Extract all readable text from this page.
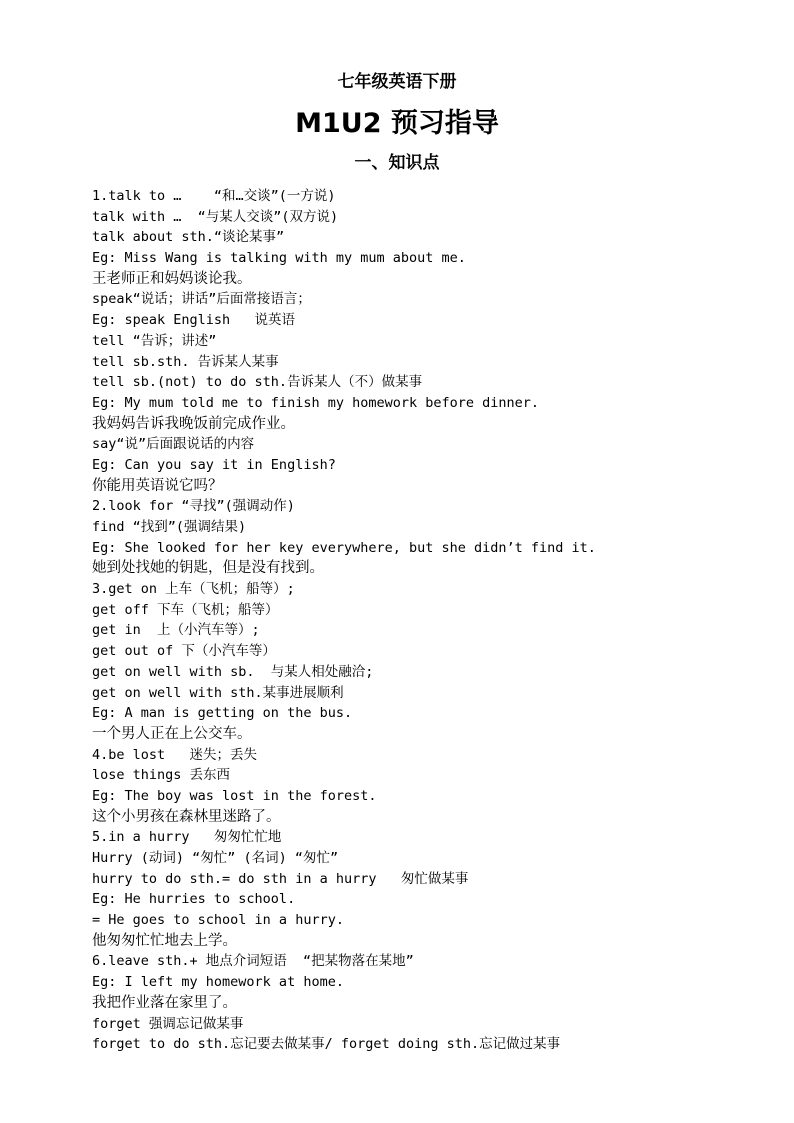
七年级英语下册
M1U2 预习指导
一、知识点
1.talk to …    “和…交谈”(一方说)
talk with …  “与某人交谈”(双方说)
talk about sth.“谈论某事”
Eg: Miss Wang is talking with my mum about me.
王老师正和妈妈谈论我。
speak“说话；讲话”后面常接语言；
Eg: speak English   说英语
tell “告诉；讲述”
tell sb.sth. 告诉某人某事
tell sb.(not) to do sth.告诉某人（不）做某事
Eg: My mum told me to finish my homework before dinner.
我妈妈告诉我晚饭前完成作业。
say“说”后面跟说话的内容
Eg: Can you say it in English?
你能用英语说它吗？
2.look for “寻找”(强调动作)
find “找到”(强调结果)
Eg: She looked for her key everywhere, but she didn’t find it.
她到处找她的钥匙，但是没有找到。
3.get on 上车（飞机；船等）;
get off 下车（飞机；船等）
get in  上（小汽车等）;
get out of 下（小汽车等）
get on well with sb.  与某人相处融洽;
get on well with sth.某事进展顺利
Eg: A man is getting on the bus.
一个男人正在上公交车。
4.be lost   迷失；丢失
lose things 丢东西
Eg: The boy was lost in the forest.
这个小男孩在森林里迷路了。
5.in a hurry   匆匆忙忙地
Hurry (动词) “匆忙” (名词) “匆忙”
hurry to do sth.= do sth in a hurry   匆忙做某事
Eg: He hurries to school.
= He goes to school in a hurry.
他匆匆忙忙地去上学。
6.leave sth.+ 地点介词短语  “把某物落在某地”
Eg: I left my homework at home.
我把作业落在家里了。
forget 强调忘记做某事
forget to do sth.忘记要去做某事/ forget doing sth.忘记做过某事
